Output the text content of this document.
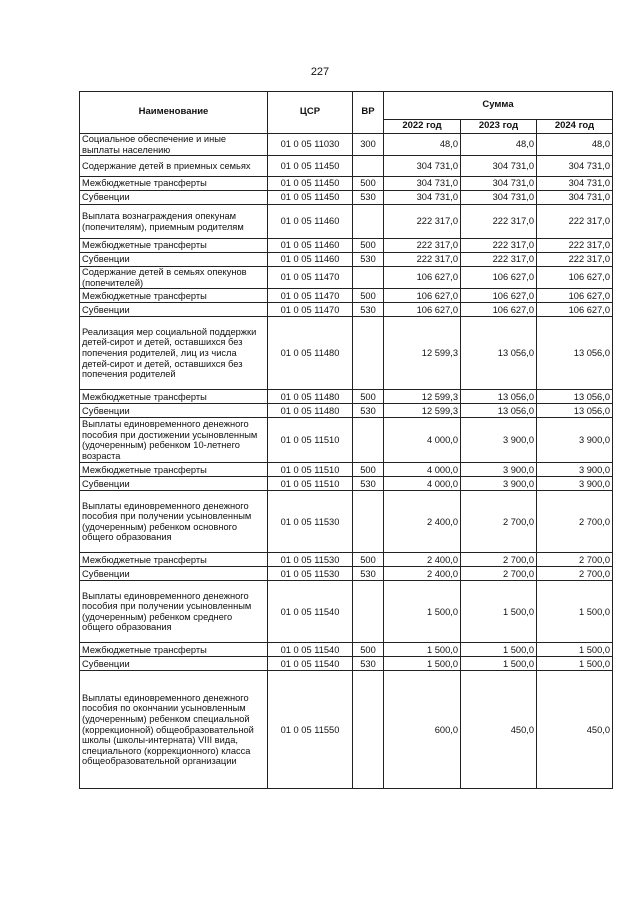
227
Наименование	ЦСР	ВР	Сумма		
			2022 год	2023 год	2024 год
Социальное обеспечение и иные выплаты населению	01 0 05 11030	300	48,0	48,0	48,0
Содержание детей в приемных семьях	01 0 05 11450		304 731,0	304 731,0	304 731,0
Межбюджетные трансферты	01 0 05 11450	500	304 731,0	304 731,0	304 731,0
Субвенции	01 0 05 11450	530	304 731,0	304 731,0	304 731,0
Выплата вознаграждения опекунам (попечителям), приемным родителям	01 0 05 11460		222 317,0	222 317,0	222 317,0
Межбюджетные трансферты	01 0 05 11460	500	222 317,0	222 317,0	222 317,0
Субвенции	01 0 05 11460	530	222 317,0	222 317,0	222 317,0
Содержание детей в семьях опекунов (попечителей)	01 0 05 11470		106 627,0	106 627,0	106 627,0
Межбюджетные трансферты	01 0 05 11470	500	106 627,0	106 627,0	106 627,0
Субвенции	01 0 05 11470	530	106 627,0	106 627,0	106 627,0
Реализация мер социальной поддержки детей-сирот и детей, оставшихся без попечения родителей, лиц из числа детей-сирот и детей, оставшихся без попечения родителей	01 0 05 11480		12 599,3	13 056,0	13 056,0
Межбюджетные трансферты	01 0 05 11480	500	12 599,3	13 056,0	13 056,0
Субвенции	01 0 05 11480	530	12 599,3	13 056,0	13 056,0
Выплаты единовременного денежного пособия при достижении усыновленным (удочеренным) ребенком 10-летнего возраста	01 0 05 11510		4 000,0	3 900,0	3 900,0
Межбюджетные трансферты	01 0 05 11510	500	4 000,0	3 900,0	3 900,0
Субвенции	01 0 05 11510	530	4 000,0	3 900,0	3 900,0
Выплаты единовременного денежного пособия при получении усыновленным (удочеренным) ребенком основного общего образования	01 0 05 11530		2 400,0	2 700,0	2 700,0
Межбюджетные трансферты	01 0 05 11530	500	2 400,0	2 700,0	2 700,0
Субвенции	01 0 05 11530	530	2 400,0	2 700,0	2 700,0
Выплаты единовременного денежного пособия при получении усыновленным (удочеренным) ребенком среднего общего образования	01 0 05 11540		1 500,0	1 500,0	1 500,0
Межбюджетные трансферты	01 0 05 11540	500	1 500,0	1 500,0	1 500,0
Субвенции	01 0 05 11540	530	1 500,0	1 500,0	1 500,0
Выплаты единовременного денежного пособия по окончании усыновленным (удочеренным) ребенком специальной (коррекционной) общеобразовательной школы (школы-интерната) VIII вида, специального (коррекционного) класса общеобразовательной организации	01 0 05 11550		600,0	450,0	450,0
